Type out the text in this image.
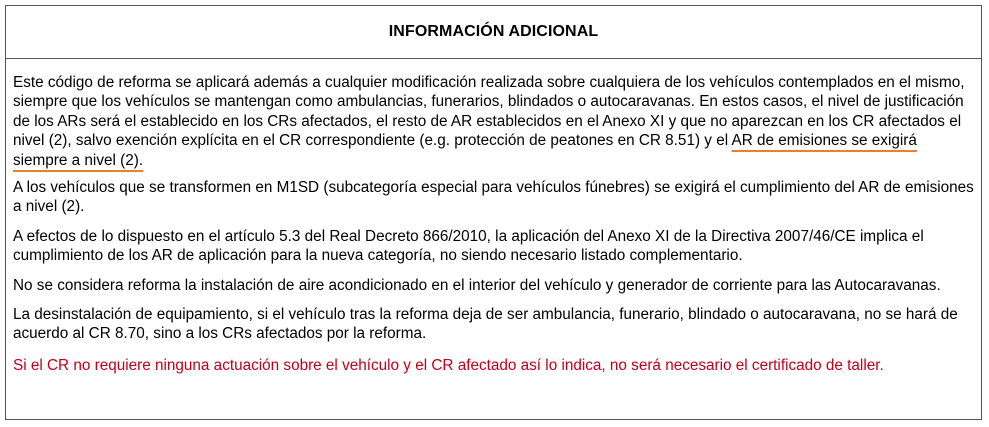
INFORMACIÓN ADICIONAL

Este código de reforma se aplicará además a cualquier modificación realizada sobre cualquiera de los vehículos contemplados en el mismo, siempre que los vehículos se mantengan como ambulancias, funerarios, blindados o autocaravanas. En estos casos, el nivel de justificación de los ARs será el establecido en los CRs afectados, el resto de AR establecidos en el Anexo XI y que no aparezcan en los CR afectados el nivel (2), salvo exención explícita en el CR correspondiente (e.g. protección de peatones en CR 8.51) y el AR de emisiones se exigirá siempre a nivel (2).

A los vehículos que se transformen en M1SD (subcategoría especial para vehículos fúnebres) se exigirá el cumplimiento del AR de emisiones a nivel (2).

A efectos de lo dispuesto en el artículo 5.3 del Real Decreto 866/2010, la aplicación del Anexo XI de la Directiva 2007/46/CE implica el cumplimiento de los AR de aplicación para la nueva categoría, no siendo necesario listado complementario.

No se considera reforma la instalación de aire acondicionado en el interior del vehículo y generador de corriente para las Autocaravanas.

La desinstalación de equipamiento, si el vehículo tras la reforma deja de ser ambulancia, funerario, blindado o autocaravana, no se hará de acuerdo al CR 8.70, sino a los CRs afectados por la reforma.

Si el CR no requiere ninguna actuación sobre el vehículo y el CR afectado así lo indica, no será necesario el certificado de taller.
